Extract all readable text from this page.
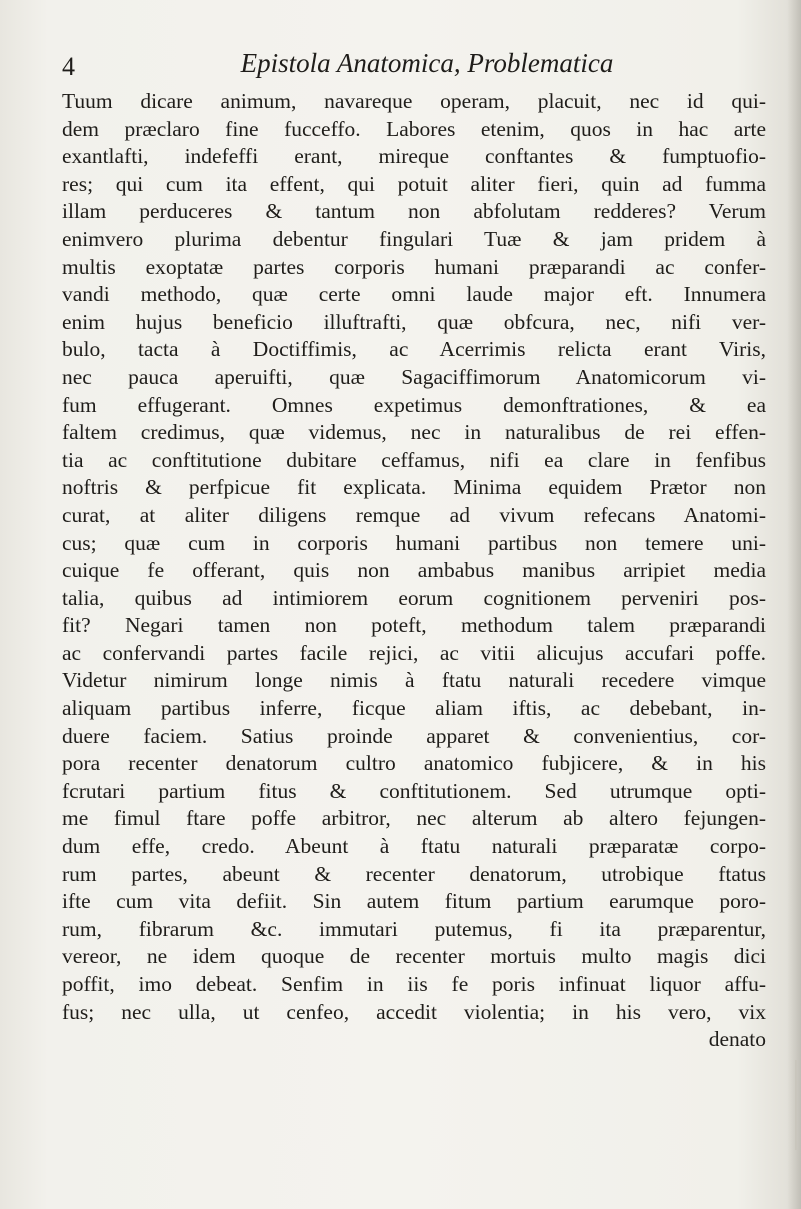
4	Epistola Anatomica, Problematica
Tuum dicare animum, navareque operam, placuit, nec id qui-
dem præclaro fine fucceffo. Labores etenim, quos in hac arte
exantlafti, indefeffi erant, mireque conftantes & fumptuofio-
res; qui cum ita effent, qui potuit aliter fieri, quin ad fumma
illam perduceres & tantum non abfolutam redderes? Verum
enimvero plurima debentur fingulari Tuæ & jam pridem à
multis exoptatæ partes corporis humani præparandi ac confer-
vandi methodo, quæ certe omni laude major eft. Innumera
enim hujus beneficio illuftrafti, quæ obfcura, nec, nifi ver-
bulo, tacta à Doctiffimis, ac Acerrimis relicta erant Viris,
nec pauca aperuifti, quæ Sagaciffimorum Anatomicorum vi-
fum effugerant. Omnes expetimus demonftrationes, & ea
faltem credimus, quæ videmus, nec in naturalibus de rei effen-
tia ac conftitutione dubitare ceffamus, nifi ea clare in fenfibus
noftris & perfpicue fit explicata. Minima equidem Prætor non
curat, at aliter diligens remque ad vivum refecans Anatomi-
cus; quæ cum in corporis humani partibus non temere uni-
cuique fe offerant, quis non ambabus manibus arripiet media
talia, quibus ad intimiorem eorum cognitionem perveniri pos-
fit? Negari tamen non poteft, methodum talem præparandi
ac confervandi partes facile rejici, ac vitii alicujus accufari poffe.
Videtur nimirum longe nimis à ftatu naturali recedere vimque
aliquam partibus inferre, ficque aliam iftis, ac debebant, in-
duere faciem. Satius proinde apparet & convenientius, cor-
pora recenter denatorum cultro anatomico fubjicere, & in his
fcrutari partium fitus & conftitutionem. Sed utrumque opti-
me fimul ftare poffe arbitror, nec alterum ab altero fejungen-
dum effe, credo. Abeunt à ftatu naturali præparatæ corpo-
rum partes, abeunt & recenter denatorum, utrobique ftatus
ifte cum vita defiit. Sin autem fitum partium earumque poro-
rum, fibrarum &c. immutari putemus, fi ita præparentur,
vereor, ne idem quoque de recenter mortuis multo magis dici
poffit, imo debeat. Senfim in iis fe poris infinuat liquor affu-
fus; nec ulla, ut cenfeo, accedit violentia; in his vero, vix
denato
